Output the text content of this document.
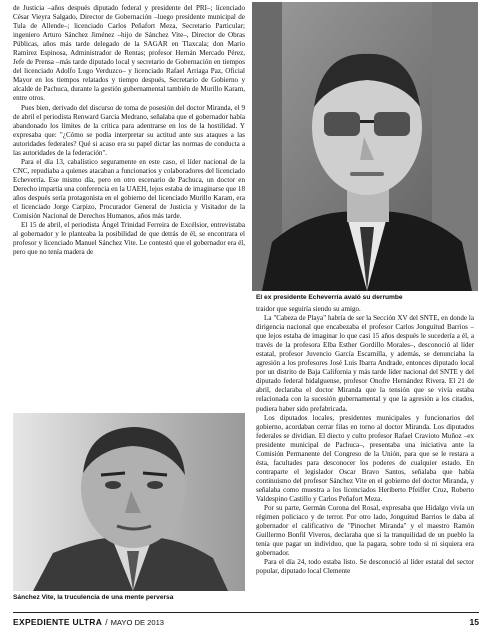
de Justicia –años después diputado federal y presidente del PRI–; licenciado César Vieyra Salgado, Director de Gobernación –luego presidente municipal de Tula de Allende–; licenciado Carlos Peñafort Meza, Secretario Particular; ingeniero Arturo Sánchez Jiménez –hijo de Sánchez Vite–, Director de Obras Públicas, años más tarde delegado de la SAGAR en Tlaxcala; don Mario Ramírez Espinosa, Administrador de Rentas; profesor Hernán Mercado Pérez, Jefe de Prensa –más tarde diputado local y secretario de Gobernación en tiempos del licenciado Adolfo Lugo Verduzco– y licenciado Rafael Arriaga Paz, Oficial Mayor en los tiempos relatados y tiempo después, Secretario de Gobierno y alcalde de Pachuca, durante la gestión gubernamental también de Murillo Karam, entre otros.

Pues bien, derivado del discurso de toma de posesión del doctor Miranda, el 9 de abril el periodista Renward García Medrano, señalaba que el gobernador había abandonado los límites de la crítica para adentrarse en los de la hostilidad. Y expresaba que: "¿Cómo se podía interpretar su actitud ante sus ataques a las autoridades federales? Qué si acaso era su papel dictar las normas de conducta a las autoridades de la federación".

Para el día 13, cabalístico seguramente en este caso, el líder nacional de la CNC, repudiaba a quienes atacaban a funcionarios y colaboradores del licenciado Echeverría. Ese mismo día, pero en otro escenario de Pachuca, un doctor en Derecho impartía una conferencia en la UAEH, lejos estaba de imaginarse que 18 años después sería protagonista en el gobierno del licenciado Murillo Karam, era el licenciado Jorge Carpizo, Procurador General de Justicia y Visitador de la Comisión Nacional de Derechos Humanos, años más tarde.

El 15 de abril, el periodista Ángel Trinidad Ferreira de Excélsior, entrevistaba al gobernador y le planteaba la posibilidad de que detrás de él, se encontrara el profesor y licenciado Manuel Sánchez Vite. Le contestó que el gobernador era él, pero que no tenía madera de

El ex presidente Echeverría avaló su derrumbe

traidor que seguiría siendo su amigo.

La "Cabeza de Playa" habría de ser la Sección XV del SNTE, en donde la dirigencia nacional que encabezaba el profesor Carlos Jonguitud Barrios –que lejos estaba de imaginar lo que casi 15 años después le sucedería a él, a través de la profesora Elba Esther Gordillo Morales–, desconoció al líder estatal, profesor Juvencio García Escamilla, y además, se denunciaba la agresión a los profesores José Luis Ibarra Andrade, entonces diputado local por un distrito de Baja California y más tarde líder nacional del SNTE y del diputado federal hidalguense, profesor Onofre Hernández Rivera. El 21 de abril, declaraba el doctor Miranda que la tensión que se vivía estaba relacionada con la sucesión gubernamental y que la agresión a los citados, pudiera haber sido prefabricada.

Los diputados locales, presidentes municipales y funcionarios del gobierno, acordaban cerrar filas en torno al doctor Miranda. Los diputados federales se dividían. El diecto y culto profesor Rafael Cravioto Muñoz –ex presidente municipal de Pachuca–, presentaba una iniciativa ante la Comisión Permanente del Congreso de la Unión, para que se le restara a ésta, facultades para desconocer los poderes de cualquier estado. En contraparte el legislador Oscar Bravo Santos, señalaba que había continuismo del profesor Sánchez Vite en el gobierno del doctor Miranda, y señalaba como muestra a los licenciados Heriberto Pfeiffer Cruz, Roberto Valdespino Castillo y Carlos Peñafort Meza.

Por su parte, Germán Corona del Rosal, expresaba que Hidalgo vivía un régimen policiaco y de terror. Por otro lado, Jonguitud Barrios le daba al gobernador el calificativo de "Pinochet Miranda" y el maestro Ramón Guillermo Bonfil Viveros, declaraba que si la tranquilidad de un pueblo la tenía que pagar un individuo, que la pagara, sobre todo si ni siquiera era gobernador.

Para el día 24, todo estaba listo. Se desconoció al líder estatal del sector popular, diputado local Clemente

Sánchez Vite, la truculencia de una mente perversa
EXPEDIENTE ULTRA / MAYO DE 2013	15
